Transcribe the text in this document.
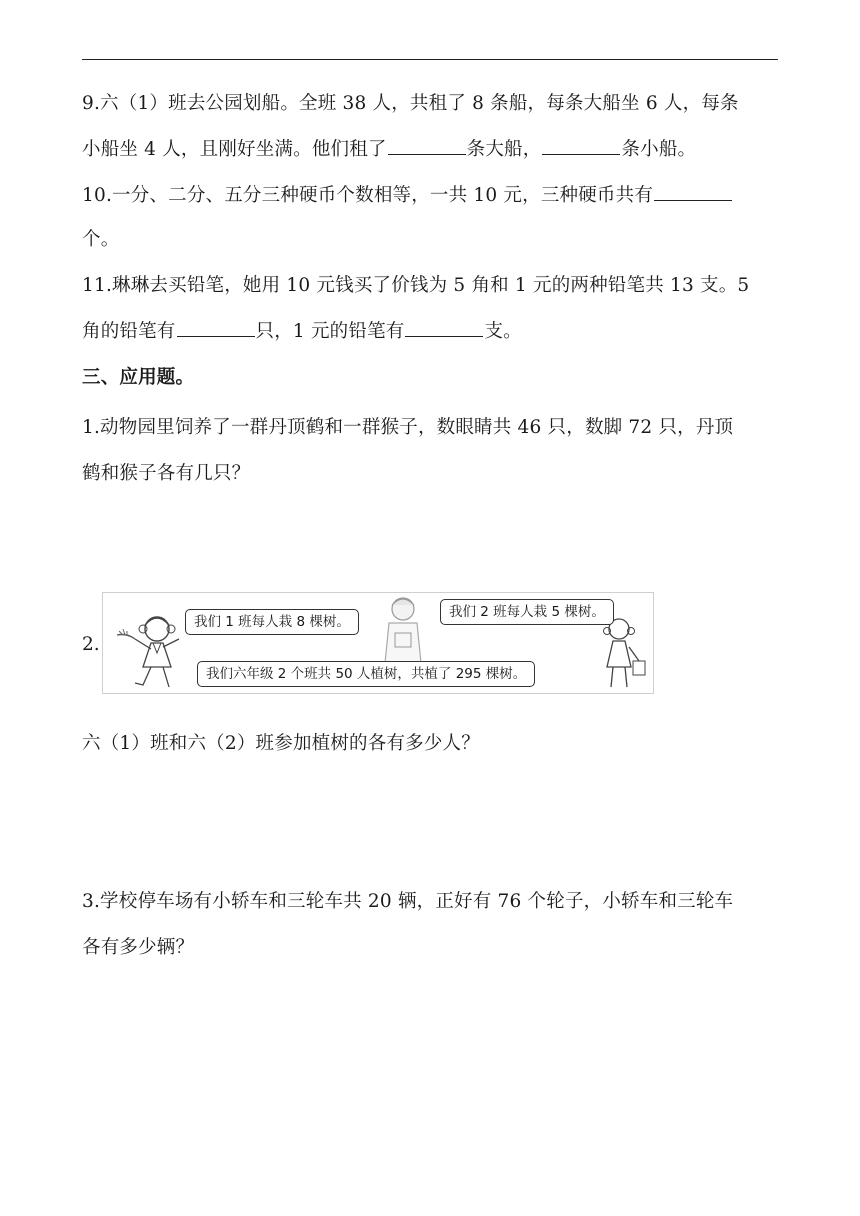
9.六（1）班去公园划船。全班 38 人，共租了 8 条船，每条大船坐 6 人，每条
小船坐 4 人，且刚好坐满。他们租了	条大船，	条小船。
10.一分、二分、五分三种硬币个数相等，一共 10 元，三种硬币共有
个。
11.琳琳去买铅笔，她用 10 元钱买了价钱为 5 角和 1 元的两种铅笔共 13 支。5
角的铅笔有	只，1 元的铅笔有	支。
三、应用题。
1.动物园里饲养了一群丹顶鹤和一群猴子，数眼睛共 46 只，数脚 72 只，丹顶
鹤和猴子各有几只？
2.
我们 1 班每人栽 8 棵树。
我们 2 班每人栽 5 棵树。
我们六年级 2 个班共 50 人植树，共植了 295 棵树。
六（1）班和六（2）班参加植树的各有多少人？
3.学校停车场有小轿车和三轮车共 20 辆，正好有 76 个轮子，小轿车和三轮车
各有多少辆？
